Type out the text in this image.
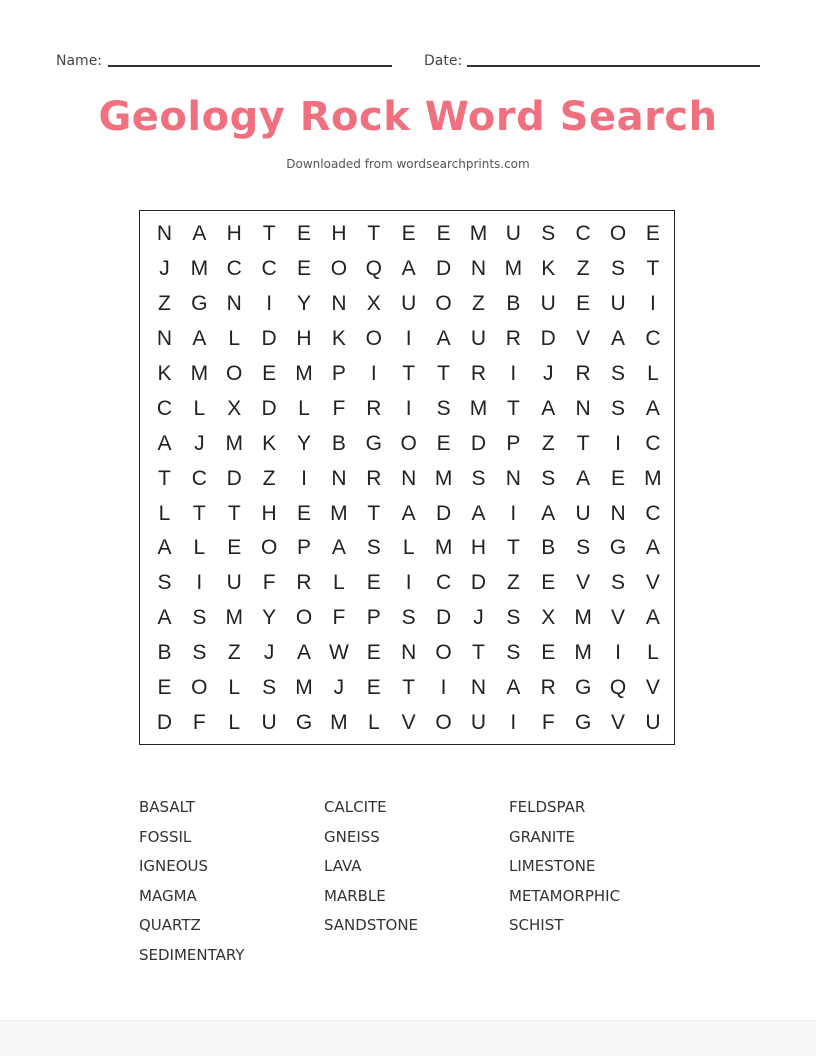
Name:	Date:
Geology Rock Word Search
Downloaded from wordsearchprints.com
N A H T	E H T	E E M U S C O E
J M C C E O Q A D N M K	Z	S	T
Z G N	I	Y N X U O Z	B U E U	I
N A	L	D H K O	I	A U R D V A C
K M O E M P	I	T	T R	I	J	R S	L
C	L	X D	L	F R	I	S M T	A N S A
A	J M K Y B G O E D P	Z	T	I	C
T C D Z	I	N R N M S N S A E M
L	T	T H E M T	A D A	I	A U N C
A	L	E O P A S	L M H T	B S G A
S	I	U F R	L	E	I	C D Z	E V S V
A S M Y O F	P S D	J	S X M V A
B S	Z	J	A W E N O T	S E M	I	L
E O L	S M J	E	T	I	N A R G Q V
D F	L	U G M L	V O U	I	F G V U
BASALT	CALCITE	FELDSPAR
FOSSIL	GNEISS	GRANITE
IGNEOUS	LAVA	LIMESTONE
MAGMA	MARBLE	METAMORPHIC
QUARTZ	SANDSTONE	SCHIST
SEDIMENTARY
